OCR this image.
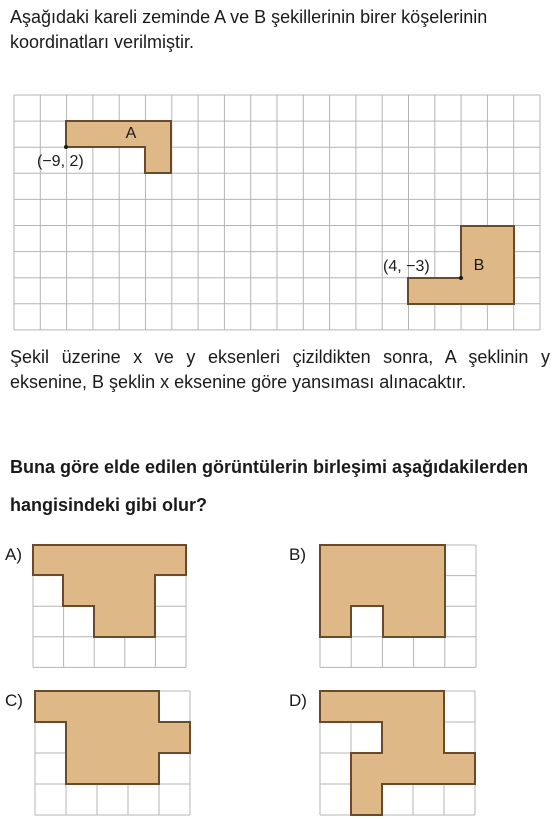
Aşağıdaki kareli zeminde A ve B şekillerinin birer köşelerinin koordinatları verilmiştir.

A
(−9, 2)
B
(4, −3)
A)	B)
C)	D)

Şekil üzerine x ve y eksenleri çizildikten sonra, A şeklinin y eksenine, B şeklin x eksenine göre yansıması alınacaktır.

Buna göre elde edilen görüntülerin birleşimi aşağıdakilerden hangisindeki gibi olur?
